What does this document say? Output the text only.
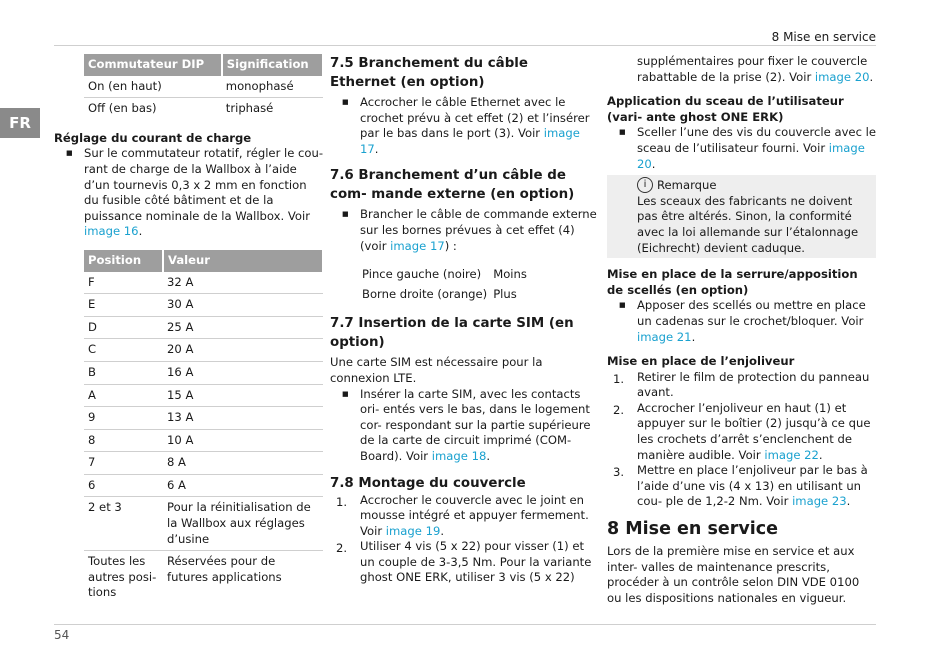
8 Mise en service
FR
Commutateur DIP	Signification
On (en haut)	monophasé
Off (en bas)	triphasé
Réglage du courant de charge
■ Sur le commutateur rotatif, régler le cou- rant de charge de la Wallbox à l’aide d’un tournevis 0,3 x 2 mm en fonction du fusible côté bâtiment et de la puissance nominale de la Wallbox. Voir image 16.
Position	Valeur
F	32 A
E	30 A
D	25 A
C	20 A
B	16 A
A	15 A
9	13 A
8	10 A
7	8 A
6	6 A
2 et 3	Pour la réinitialisation de la Wallbox aux réglages d’usine
Toutes les autres posi- tions	Réservées pour de futures applications
7.5 Branchement du câble Ethernet (en option)
■ Accrocher le câble Ethernet avec le crochet prévu à cet effet (2) et l’insérer par le bas dans le port (3). Voir image 17.
7.6 Branchement d’un câble de com- mande externe (en option)
■ Brancher le câble de commande externe sur les bornes prévues à cet effet (4) (voir image 17) :
Pince gauche (noire)	Moins
Borne droite (orange)	Plus
7.7 Insertion de la carte SIM (en option)
Une carte SIM est nécessaire pour la connexion LTE.
■ Insérer la carte SIM, avec les contacts ori- entés vers le bas, dans le logement cor- respondant sur la partie supérieure de la carte de circuit imprimé (COM-Board). Voir image 18.
7.8 Montage du couvercle
1. Accrocher le couvercle avec le joint en mousse intégré et appuyer fermement. Voir image 19.
2. Utiliser 4 vis (5 x 22) pour visser (1) et un couple de 3-3,5 Nm. Pour la variante ghost ONE ERK, utiliser 3 vis (5 x 22)
supplémentaires pour fixer le couvercle rabattable de la prise (2). Voir image 20.
Application du sceau de l’utilisateur (vari- ante ghost ONE ERK)
■ Sceller l’une des vis du couvercle avec le sceau de l’utilisateur fourni. Voir image 20.
i Remarque
Les sceaux des fabricants ne doivent pas être altérés. Sinon, la conformité avec la loi allemande sur l’étalonnage (Eichrecht) devient caduque.
Mise en place de la serrure/apposition de scellés (en option)
■ Apposer des scellés ou mettre en place un cadenas sur le crochet/bloquer. Voir image 21.
Mise en place de l’enjoliveur
1. Retirer le film de protection du panneau avant.
2. Accrocher l’enjoliveur en haut (1) et appuyer sur le boîtier (2) jusqu’à ce que les crochets d’arrêt s’enclenchent de manière audible. Voir image 22.
3. Mettre en place l’enjoliveur par le bas à l’aide d’une vis (4 x 13) en utilisant un cou- ple de 1,2-2 Nm. Voir image 23.
8 Mise en service
Lors de la première mise en service et aux inter- valles de maintenance prescrits, procéder à un contrôle selon DIN VDE 0100 ou les dispositions nationales en vigueur.
54
